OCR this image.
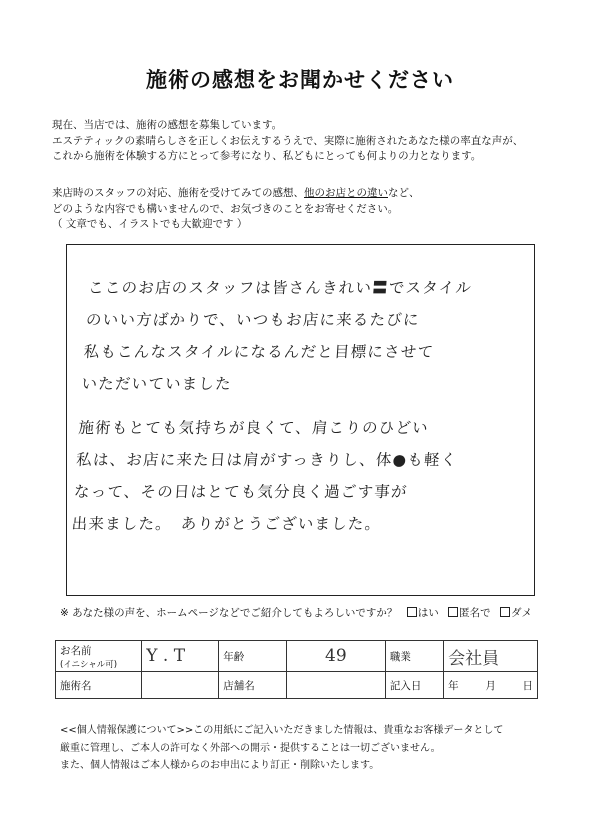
施術の感想をお聞かせください
現在、当店では、施術の感想を募集しています。
エステティックの素晴らしさを正しくお伝えするうえで、実際に施術されたあなた様の率直な声が、
これから施術を体験する方にとって参考になり、私どもにとっても何よりの力となります。
来店時のスタッフの対応、施術を受けてみての感想、他のお店との違いなど、
どのような内容でも構いませんので、お気づきのことをお寄せください。
（ 文章でも、イラストでも大歓迎です ）
ここのお店のスタッフは皆さんきれい〓でスタイル
のいい方ばかりで、いつもお店に来るたびに
私もこんなスタイルになるんだと目標にさせて
いただいていました
施術もとても気持ちが良くて、肩こりのひどい
私は、お店に来た日は肩がすっきりし、体●も軽く
なって、その日はとても気分良く過ごす事が
出来ました。　ありがとうございました。
※ あなた様の声を、ホームページなどでご紹介してもよろしいですか？ はい 匿名で ダメ
お名前
(イニシャル可)	Y . T	年齢	49	職業	会社員
施術名		店舗名		記入日	年 月 日
<<個人情報保護について>>この用紙にご記入いただきました情報は、貴重なお客様データとして
厳重に管理し、ご本人の許可なく外部への開示・提供することは一切ございません。
また、個人情報はご本人様からのお申出により訂正・削除いたします。
